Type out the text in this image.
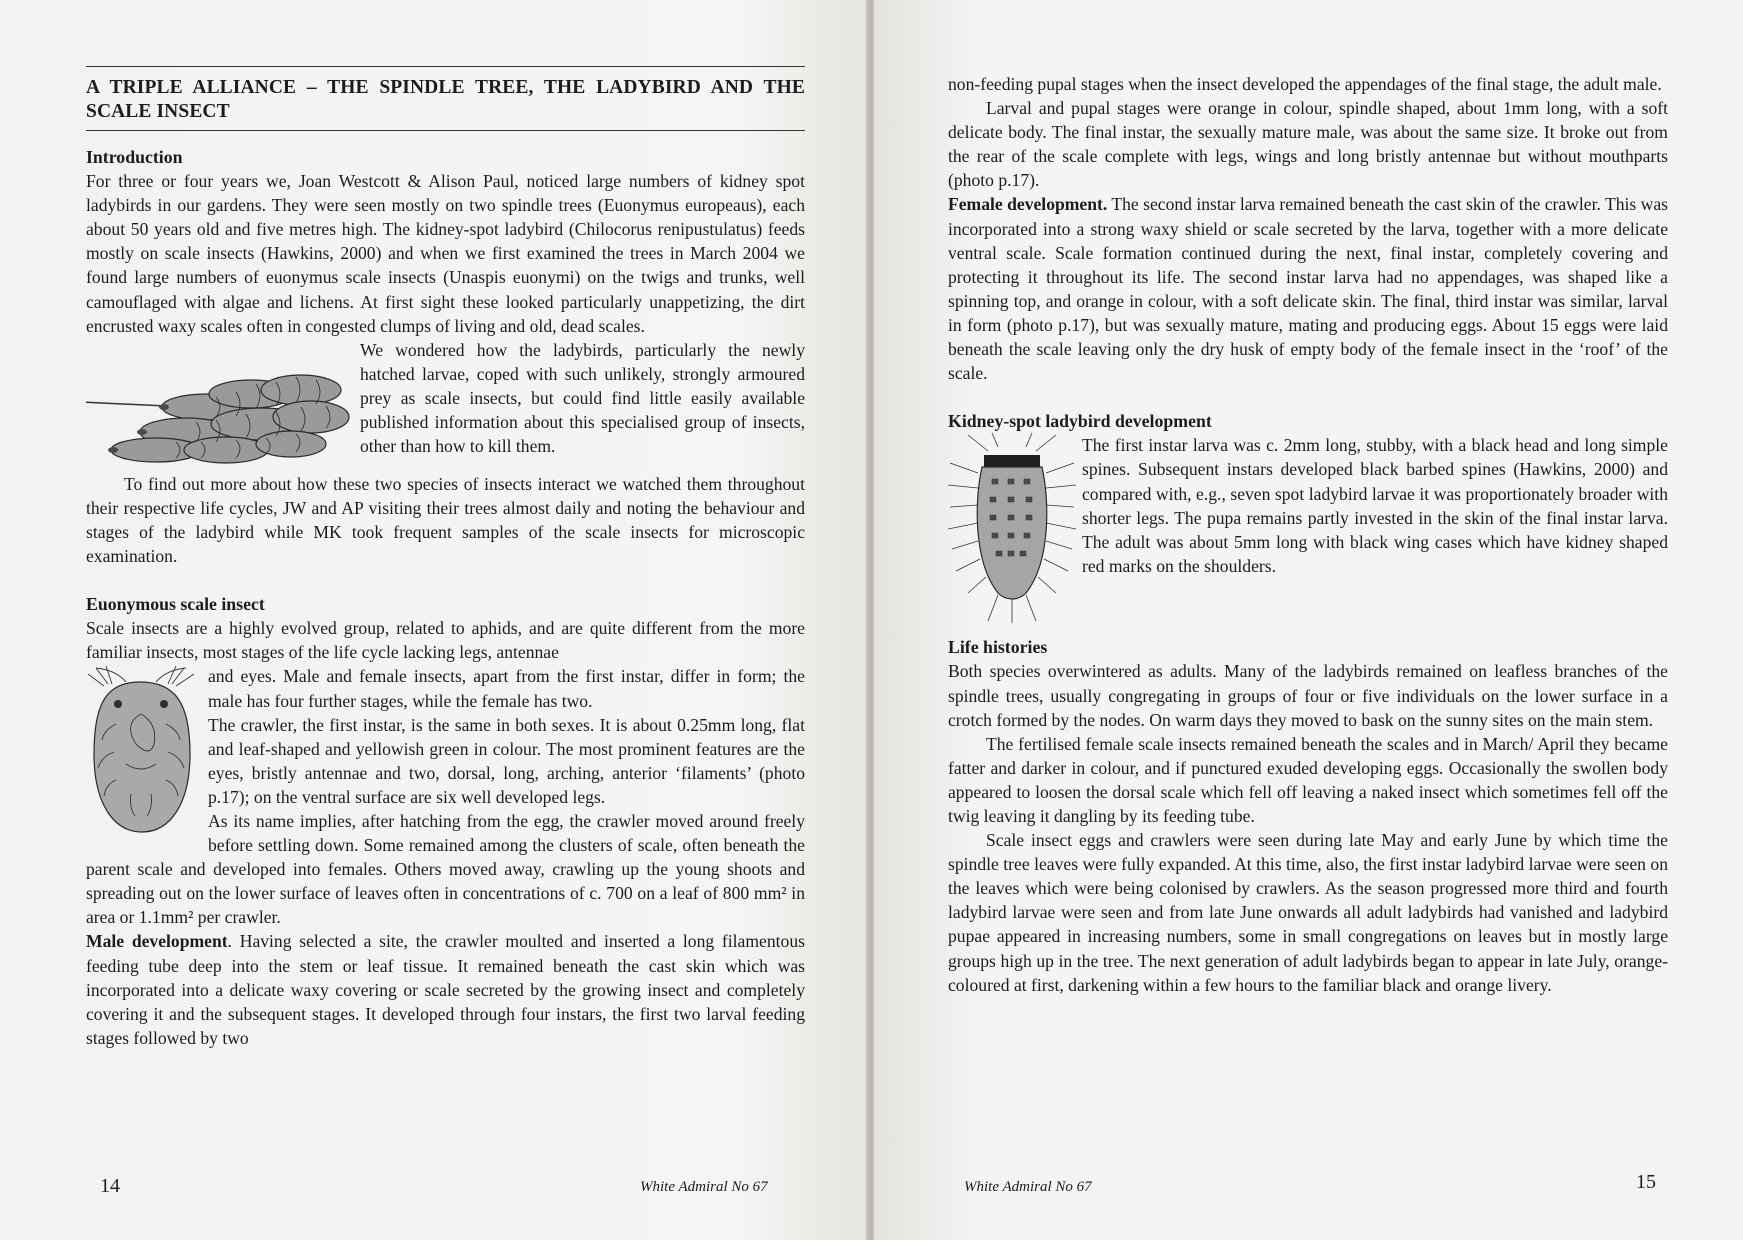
A TRIPLE ALLIANCE – THE SPINDLE TREE, THE LADYBIRD AND THE SCALE INSECT
Introduction

For three or four years we, Joan Westcott & Alison Paul, noticed large numbers of kidney spot ladybirds in our gardens. They were seen mostly on two spindle trees (Euonymus europeaus), each about 50 years old and five metres high. The kidney-spot ladybird (Chilocorus renipustulatus) feeds mostly on scale insects (Hawkins, 2000) and when we first examined the trees in March 2004 we found large numbers of euonymus scale insects (Unaspis euonymi) on the twigs and trunks, well camouflaged with algae and lichens. At first sight these looked particularly unappetizing, the dirt encrusted waxy scales often in congested clumps of living and old, dead scales.

We wondered how the ladybirds, particularly the newly hatched larvae, coped with such unlikely, strongly armoured prey as scale insects, but could find little easily available published information about this specialised group of insects, other than how to kill them.

To find out more about how these two species of insects interact we watched them throughout their respective life cycles, JW and AP visiting their trees almost daily and noting the behaviour and stages of the ladybird while MK took frequent samples of the scale insects for microscopic examination.

Euonymous scale insect

Scale insects are a highly evolved group, related to aphids, and are quite different from the more familiar insects, most stages of the life cycle lacking legs, antennae

and eyes. Male and female insects, apart from the first instar, differ in form; the male has four further stages, while the female has two.

The crawler, the first instar, is the same in both sexes. It is about 0.25mm long, flat and leaf-shaped and yellowish green in colour. The most prominent features are the eyes, bristly antennae and two, dorsal, long, arching, anterior ‘filaments’ (photo p.17); on the ventral surface are six well developed legs.

As its name implies, after hatching from the egg, the crawler moved around freely before settling down. Some remained among the clusters of scale, often beneath the parent scale and developed into females. Others moved away, crawling up the young shoots and spreading out on the lower surface of leaves often in concentrations of c. 700 on a leaf of 800 mm² in area or 1.1mm² per crawler.

Male development. Having selected a site, the crawler moulted and inserted a long filamentous feeding tube deep into the stem or leaf tissue. It remained beneath the cast skin which was incorporated into a delicate waxy covering or scale secreted by the growing insect and completely covering it and the subsequent stages. It developed through four instars, the first two larval feeding stages followed by two

14	White Admiral No 67

non-feeding pupal stages when the insect developed the appendages of the final stage, the adult male.

Larval and pupal stages were orange in colour, spindle shaped, about 1mm long, with a soft delicate body. The final instar, the sexually mature male, was about the same size. It broke out from the rear of the scale complete with legs, wings and long bristly antennae but without mouthparts (photo p.17).

Female development. The second instar larva remained beneath the cast skin of the crawler. This was incorporated into a strong waxy shield or scale secreted by the larva, together with a more delicate ventral scale. Scale formation continued during the next, final instar, completely covering and protecting it throughout its life. The second instar larva had no appendages, was shaped like a spinning top, and orange in colour, with a soft delicate skin. The final, third instar was similar, larval in form (photo p.17), but was sexually mature, mating and producing eggs. About 15 eggs were laid beneath the scale leaving only the dry husk of empty body of the female insect in the ‘roof’ of the scale.

Kidney-spot ladybird development

The first instar larva was c. 2mm long, stubby, with a black head and long simple spines. Subsequent instars developed black barbed spines (Hawkins, 2000) and compared with, e.g., seven spot ladybird larvae it was proportionately broader with shorter legs. The pupa remains partly invested in the skin of the final instar larva. The adult was about 5mm long with black wing cases which have kidney shaped red marks on the shoulders.

Life histories

Both species overwintered as adults. Many of the ladybirds remained on leafless branches of the spindle trees, usually congregating in groups of four or five individuals on the lower surface in a crotch formed by the nodes. On warm days they moved to bask on the sunny sites on the main stem.

The fertilised female scale insects remained beneath the scales and in March/ April they became fatter and darker in colour, and if punctured exuded developing eggs. Occasionally the swollen body appeared to loosen the dorsal scale which fell off leaving a naked insect which sometimes fell off the twig leaving it dangling by its feeding tube.

Scale insect eggs and crawlers were seen during late May and early June by which time the spindle tree leaves were fully expanded. At this time, also, the first instar ladybird larvae were seen on the leaves which were being colonised by crawlers. As the season progressed more third and fourth ladybird larvae were seen and from late June onwards all adult ladybirds had vanished and ladybird pupae appeared in increasing numbers, some in small congregations on leaves but in mostly large groups high up in the tree. The next generation of adult ladybirds began to appear in late July, orange-coloured at first, darkening within a few hours to the familiar black and orange livery.

White Admiral No 67	15
